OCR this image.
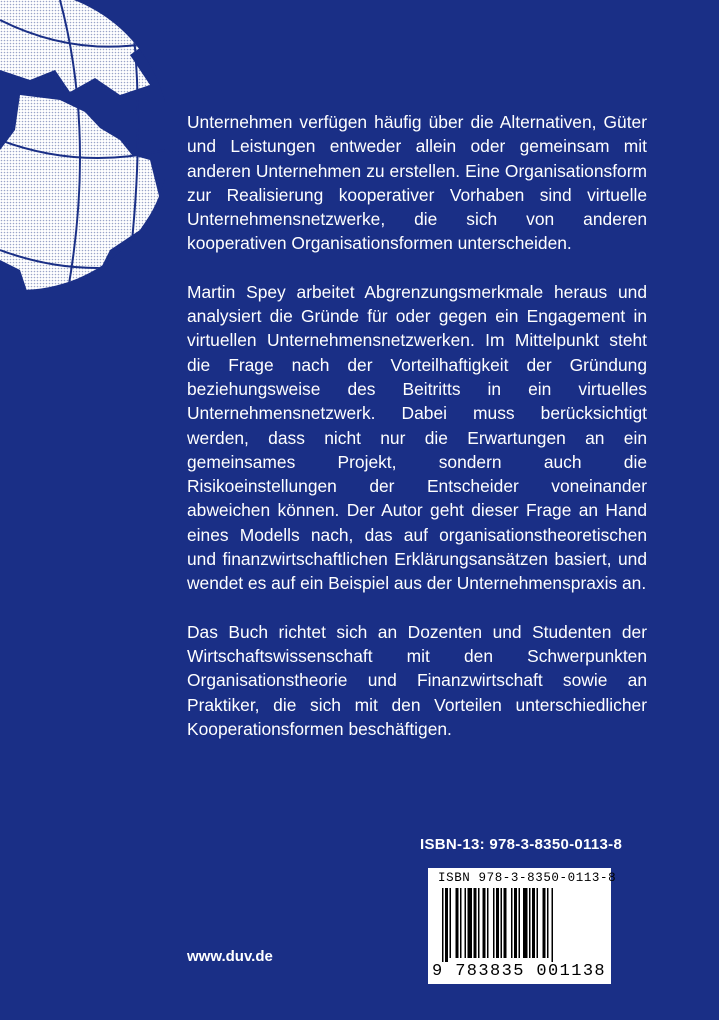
Unternehmen verfügen häufig über die Alternativen, Güter und Leistungen entweder allein oder gemeinsam mit anderen Unternehmen zu erstellen. Eine Organisationsform zur Realisierung kooperativer Vorhaben sind virtuelle Unternehmensnetzwerke, die sich von anderen kooperativen Organisationsformen unterscheiden.

Martin Spey arbeitet Abgrenzungsmerkmale heraus und analysiert die Gründe für oder gegen ein Engagement in virtuellen Unternehmensnetzwerken. Im Mittelpunkt steht die Frage nach der Vorteilhaftigkeit der Gründung beziehungsweise des Beitritts in ein virtuelles Unternehmensnetzwerk. Dabei muss berücksichtigt werden, dass nicht nur die Erwartungen an ein gemeinsames Projekt, sondern auch die Risikoeinstellungen der Entscheider voneinander abweichen können. Der Autor geht dieser Frage an Hand eines Modells nach, das auf organisationstheoretischen und finanzwirtschaftlichen Erklärungsansätzen basiert, und wendet es auf ein Beispiel aus der Unternehmenspraxis an.

Das Buch richtet sich an Dozenten und Studenten der Wirtschaftswissenschaft mit den Schwerpunkten Organisationstheorie und Finanzwirtschaft sowie an Praktiker, die sich mit den Vorteilen unterschiedlicher Kooperationsformen beschäftigen.

ISBN-13: 978-3-8350-0113-8
www.duv.de
ISBN 978-3-8350-0113-8
9 783835 001138
